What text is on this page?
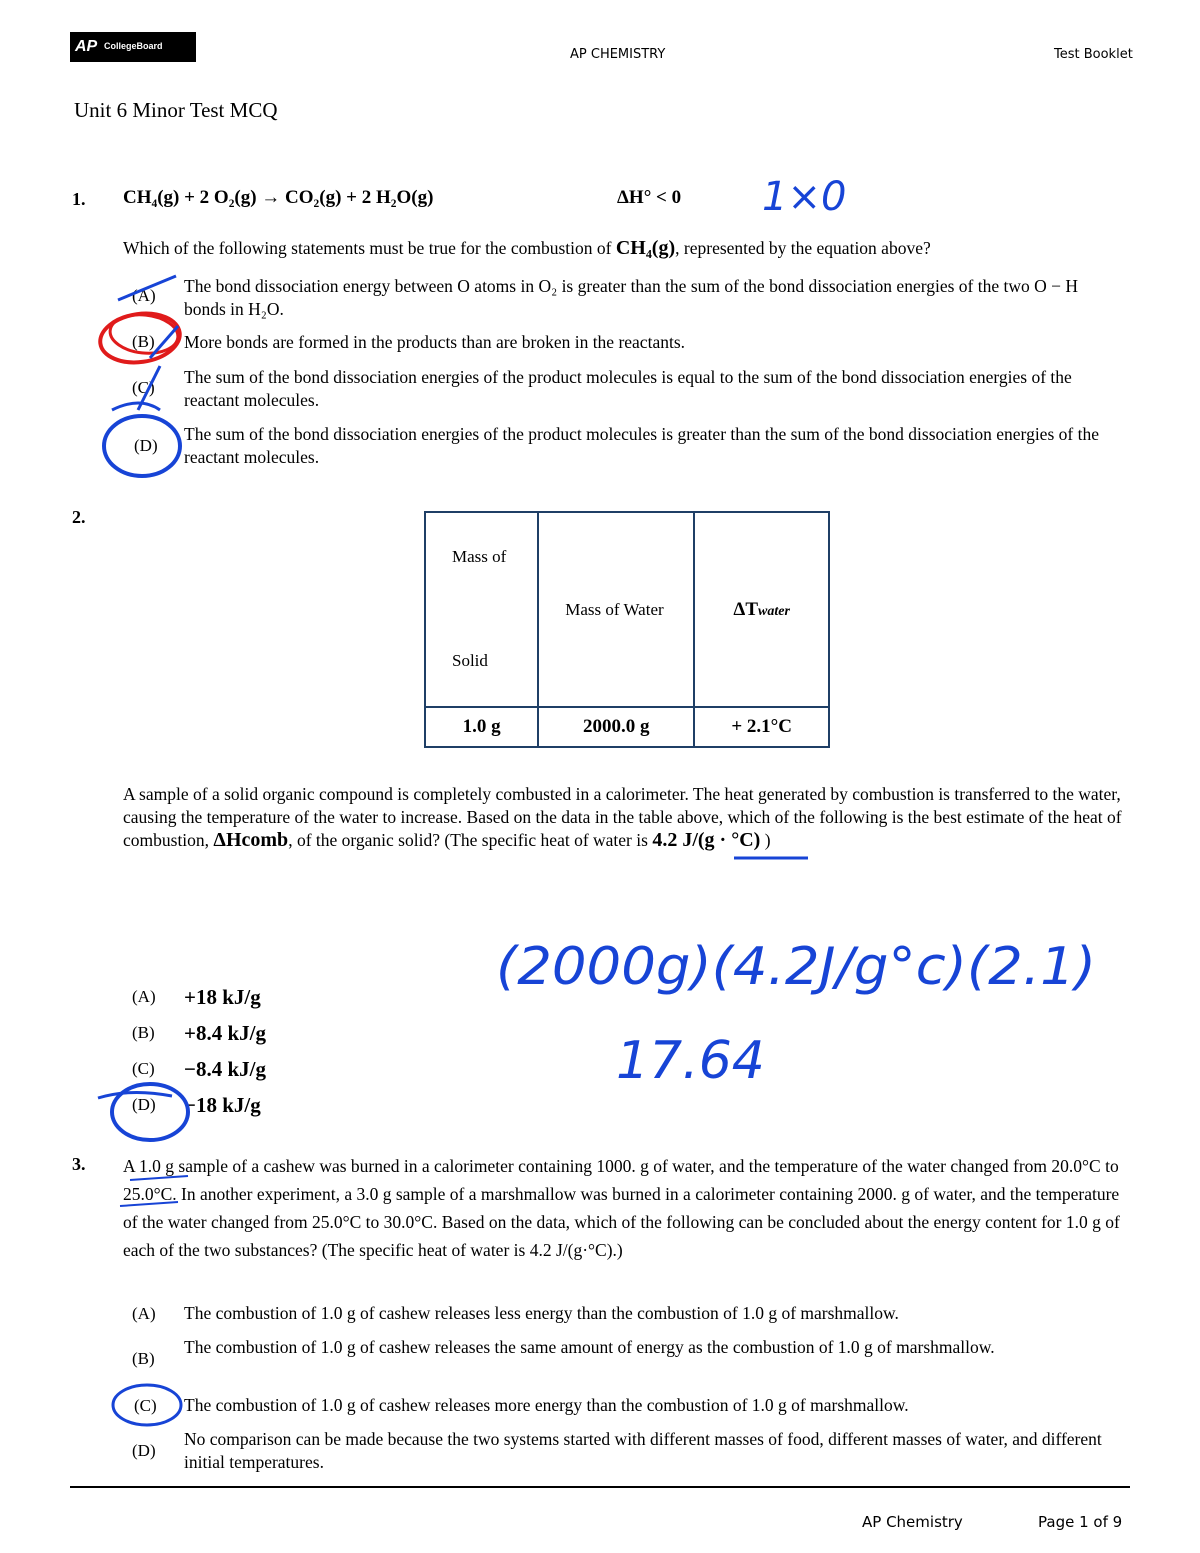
AP CollegeBoard
AP CHEMISTRY	Test Booklet
Unit 6 Minor Test MCQ
1. CH₄(g) + 2 O₂(g) → CO₂(g) + 2 H₂O(g)	ΔH° < 0
Which of the following statements must be true for the combustion of CH₄(g), represented by the equation above?
(A) The bond dissociation energy between O atoms in O₂ is greater than the sum of the bond dissociation energies of the two O − H bonds in H₂O.
(B) More bonds are formed in the products than are broken in the reactants.
(C)
The sum of the bond dissociation energies of the product molecules is equal to the sum of the bond dissociation energies of the reactant molecules.
(D)
The sum of the bond dissociation energies of the product molecules is greater than the sum of the bond dissociation energies of the reactant molecules.
2.
Mass of
Solid	Mass of Water	ΔTwater
1.0 g	2000.0 g	+ 2.1°C
A sample of a solid organic compound is completely combusted in a calorimeter. The heat generated by combustion is transferred to the water, causing the temperature of the water to increase. Based on the data in the table above, which of the following is the best estimate of the heat of combustion, ΔHcomb, of the organic solid? (The specific heat of water is 4.2 J/(g · °C) )
(A) +18 kJ/g
(B) +8.4 kJ/g
(C) −8.4 kJ/g
(D) −18 kJ/g
3. A 1.0 g sample of a cashew was burned in a calorimeter containing 1000. g of water, and the temperature of the water changed from 20.0°C to 25.0°C. In another experiment, a 3.0 g sample of a marshmallow was burned in a calorimeter containing 2000. g of water, and the temperature of the water changed from 25.0°C to 30.0°C. Based on the data, which of the following can be concluded about the energy content for 1.0 g of each of the two substances? (The specific heat of water is 4.2 J/(g·°C).)
(A) The combustion of 1.0 g of cashew releases less energy than the combustion of 1.0 g of marshmallow.
(B)
The combustion of 1.0 g of cashew releases the same amount of energy as the combustion of 1.0 g of marshmallow.
(C) The combustion of 1.0 g of cashew releases more energy than the combustion of 1.0 g of marshmallow.
(D)
No comparison can be made because the two systems started with different masses of food, different masses of water, and different initial temperatures.
AP Chemistry	Page 1 of 9
1×0
(2000g)(4.2J/g°c)(2.1)
17.64
